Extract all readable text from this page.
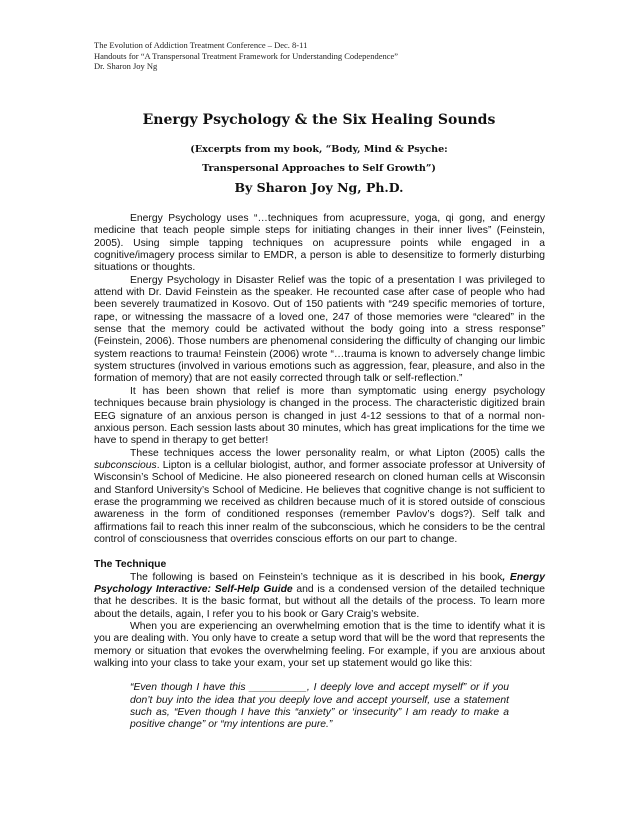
The Evolution of Addiction Treatment Conference – Dec. 8-11
Handouts for “A Transpersonal Treatment Framework for Understanding Codependence”
Dr. Sharon Joy Ng
Energy Psychology & the Six Healing Sounds
(Excerpts from my book, “Body, Mind & Psyche:
Transpersonal Approaches to Self Growth”)
By Sharon Joy Ng, Ph.D.

Energy Psychology uses “…techniques from acupressure, yoga, qi gong, and energy medicine that teach people simple steps for initiating changes in their inner lives” (Feinstein, 2005). Using simple tapping techniques on acupressure points while engaged in a cognitive/imagery process similar to EMDR, a person is able to desensitize to formerly disturbing situations or thoughts.

Energy Psychology in Disaster Relief was the topic of a presentation I was privileged to attend with Dr. David Feinstein as the speaker. He recounted case after case of people who had been severely traumatized in Kosovo. Out of 150 patients with “249 specific memories of torture, rape, or witnessing the massacre of a loved one, 247 of those memories were “cleared” in the sense that the memory could be activated without the body going into a stress response” (Feinstein, 2006). Those numbers are phenomenal considering the difficulty of changing our limbic system reactions to trauma! Feinstein (2006) wrote “…trauma is known to adversely change limbic system structures (involved in various emotions such as aggression, fear, pleasure, and also in the formation of memory) that are not easily corrected through talk or self-reflection.”

It has been shown that relief is more than symptomatic using energy psychology techniques because brain physiology is changed in the process. The characteristic digitized brain EEG signature of an anxious person is changed in just 4-12 sessions to that of a normal non-anxious person. Each session lasts about 30 minutes, which has great implications for the time we have to spend in therapy to get better!

These techniques access the lower personality realm, or what Lipton (2005) calls the subconscious. Lipton is a cellular biologist, author, and former associate professor at University of Wisconsin’s School of Medicine. He also pioneered research on cloned human cells at Wisconsin and Stanford University’s School of Medicine. He believes that cognitive change is not sufficient to erase the programming we received as children because much of it is stored outside of conscious awareness in the form of conditioned responses (remember Pavlov’s dogs?). Self talk and affirmations fail to reach this inner realm of the subconscious, which he considers to be the central control of consciousness that overrides conscious efforts on our part to change.

The Technique

The following is based on Feinstein’s technique as it is described in his book, Energy Psychology Interactive: Self-Help Guide and is a condensed version of the detailed technique that he describes. It is the basic format, but without all the details of the process. To learn more about the details, again, I refer you to his book or Gary Craig’s website.

When you are experiencing an overwhelming emotion that is the time to identify what it is you are dealing with. You only have to create a setup word that will be the word that represents the memory or situation that evokes the overwhelming feeling. For example, if you are anxious about walking into your class to take your exam, your set up statement would go like this:

“Even though I have this __________, I deeply love and accept myself” or if you don’t buy into the idea that you deeply love and accept yourself, use a statement such as, “Even though I have this “anxiety” or ‘insecurity” I am ready to make a positive change” or “my intentions are pure.”
